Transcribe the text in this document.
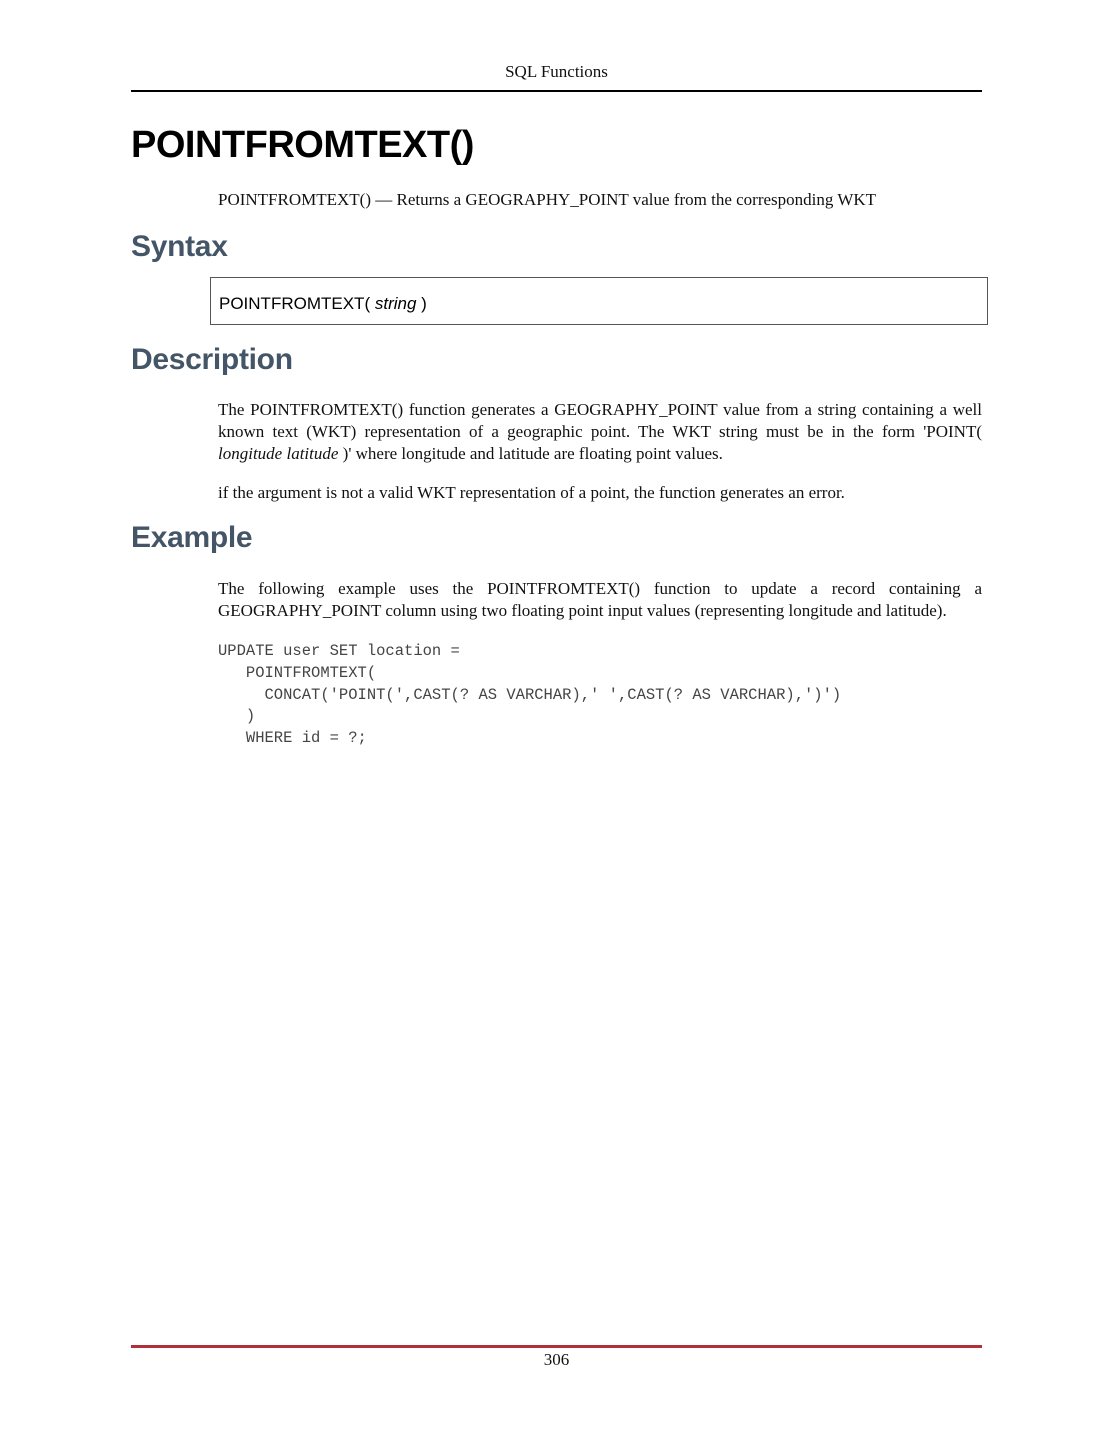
SQL Functions
POINTFROMTEXT()
POINTFROMTEXT() — Returns a GEOGRAPHY_POINT value from the corresponding WKT
Syntax
POINTFROMTEXT( string )
Description

The POINTFROMTEXT() function generates a GEOGRAPHY_POINT value from a string containing a well known text (WKT) representation of a geographic point. The WKT string must be in the form 'POINT( longitude latitude )' where longitude and latitude are floating point values.

if the argument is not a valid WKT representation of a point, the function generates an error.

Example

The following example uses the POINTFROMTEXT() function to update a record containing a GEOGRAPHY_POINT column using two floating point input values (representing longitude and latitude).

UPDATE user SET location =
POINTFROMTEXT(
CONCAT('POINT(',CAST(? AS VARCHAR),' ',CAST(? AS VARCHAR),')')
)
WHERE id = ?;
306
